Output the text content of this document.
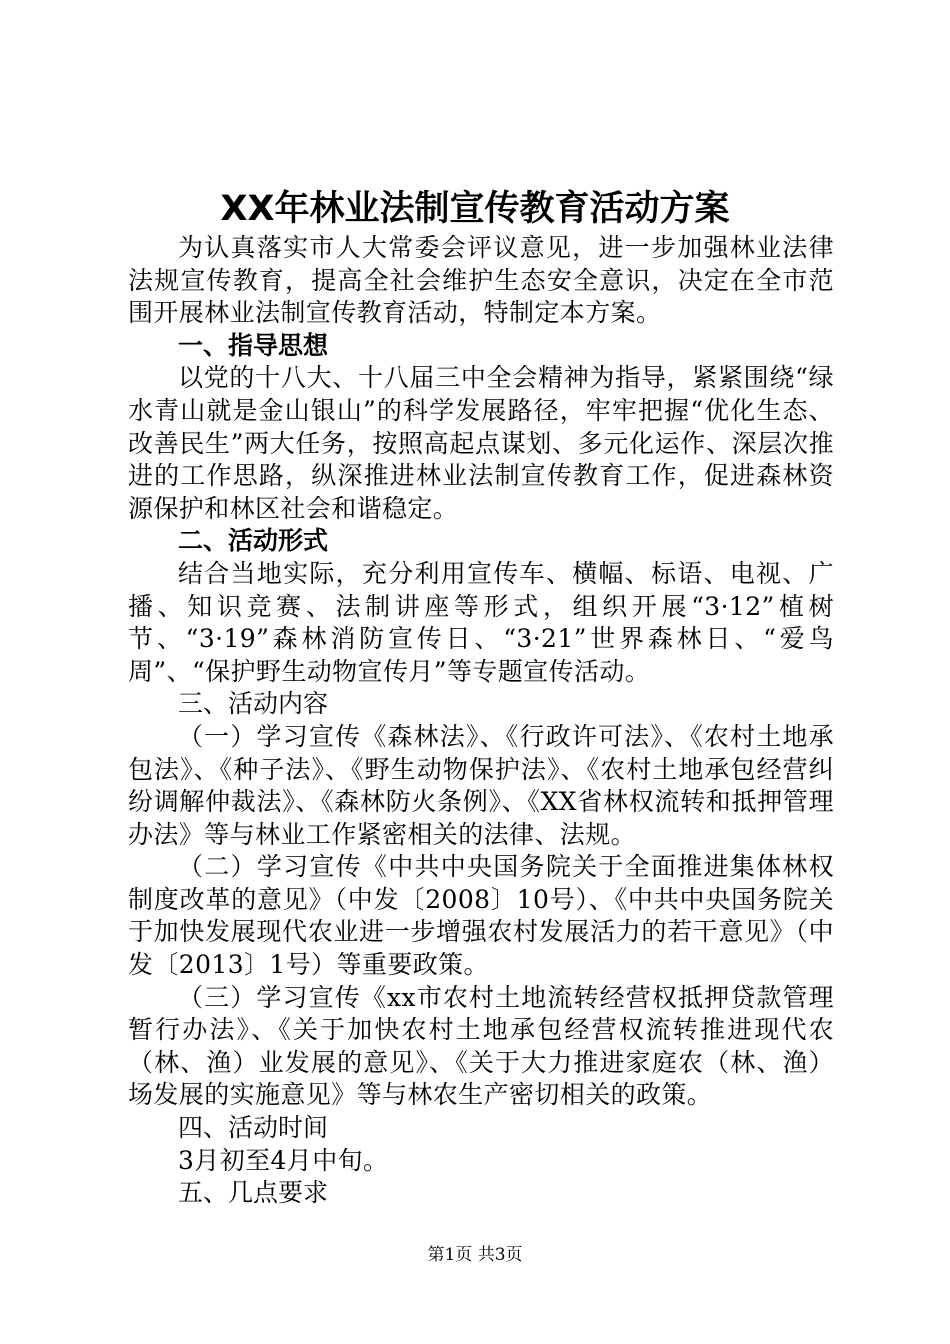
XX年林业法制宣传教育活动方案

为认真落实市人大常委会评议意见，进一步加强林业法律法规宣传教育，提高全社会维护生态安全意识，决定在全市范围开展林业法制宣传教育活动，特制定本方案。

一、指导思想

以党的十八大、十八届三中全会精神为指导，紧紧围绕“绿水青山就是金山银山”的科学发展路径，牢牢把握“优化生态、改善民生”两大任务，按照高起点谋划、多元化运作、深层次推进的工作思路，纵深推进林业法制宣传教育工作，促进森林资源保护和林区社会和谐稳定。

二、活动形式

结合当地实际，充分利用宣传车、横幅、标语、电视、广播、知识竞赛、法制讲座等形式，组织开展“3·12”植树节、“3·19”森林消防宣传日、“3·21”世界森林日、“爱鸟周”、“保护野生动物宣传月”等专题宣传活动。

三、活动内容

（一）学习宣传《森林法》、《行政许可法》、《农村土地承包法》、《种子法》、《野生动物保护法》、《农村土地承包经营纠纷调解仲裁法》、《森林防火条例》、《XX省林权流转和抵押管理办法》等与林业工作紧密相关的法律、法规。

（二）学习宣传《中共中央国务院关于全面推进集体林权制度改革的意见》（中发〔2008〕10号）、《中共中央国务院关于加快发展现代农业进一步增强农村发展活力的若干意见》（中发〔2013〕1号）等重要政策。

（三）学习宣传《xx市农村土地流转经营权抵押贷款管理暂行办法》、《关于加快农村土地承包经营权流转推进现代农（林、渔）业发展的意见》、《关于大力推进家庭农（林、渔）场发展的实施意见》等与林农生产密切相关的政策。

四、活动时间

3月初至4月中旬。

五、几点要求

第1页 共3页
